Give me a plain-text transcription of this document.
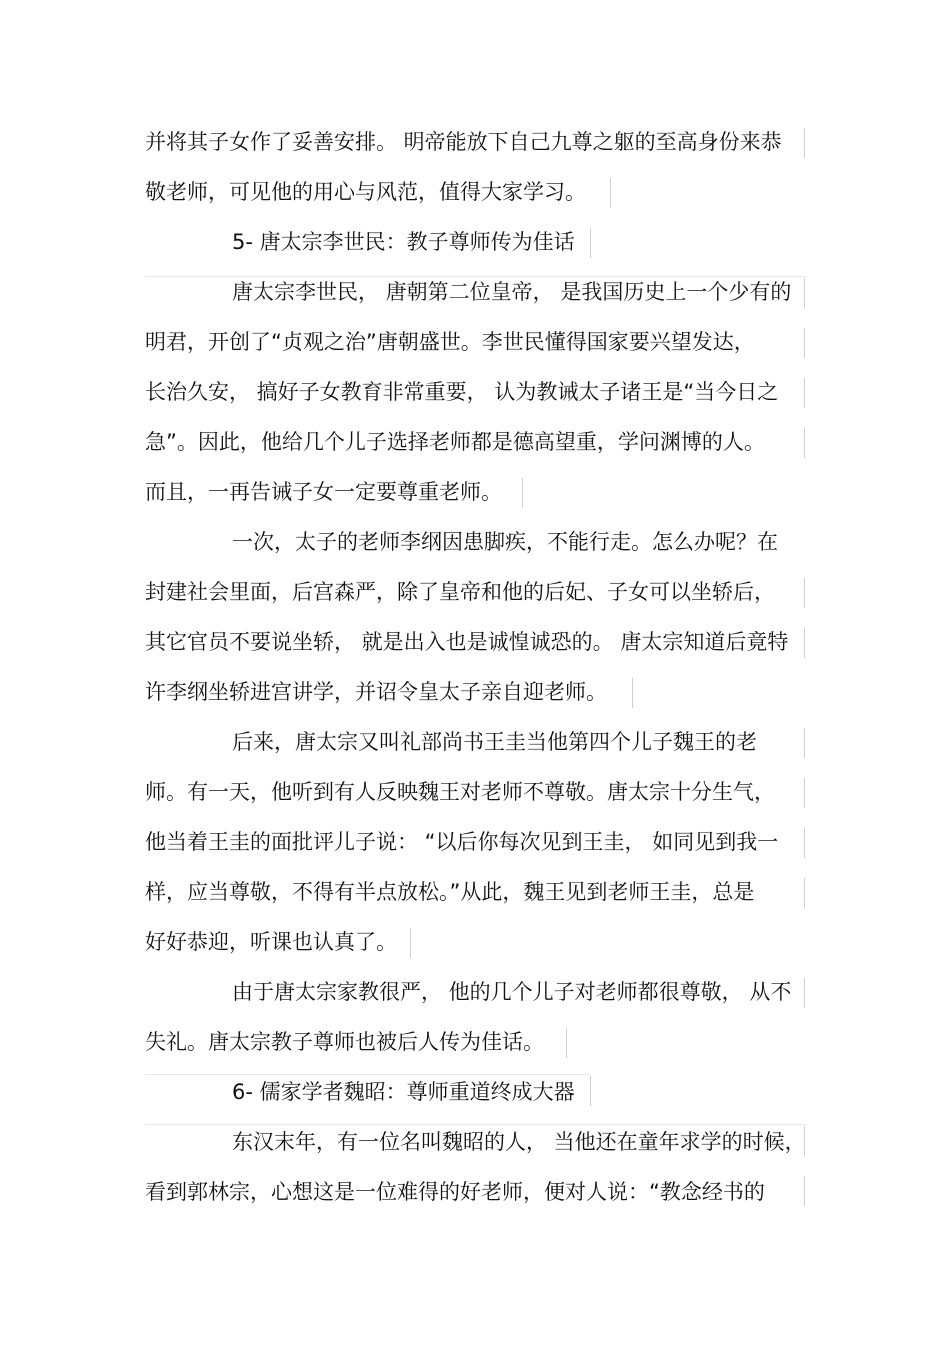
并将其子女作了妥善安排。 明帝能放下自己九尊之躯的至高身份来恭
敬老师，可见他的用心与风范，值得大家学习。
5- 唐太宗李世民：教子尊师传为佳话
唐太宗李世民， 唐朝第二位皇帝， 是我国历史上一个少有的
明君，开创了“贞观之治”唐朝盛世。李世民懂得国家要兴望发达，
长治久安， 搞好子女教育非常重要， 认为教诫太子诸王是“当今日之
急”。因此，他给几个儿子选择老师都是德高望重，学问渊博的人。
而且，一再告诫子女一定要尊重老师。
一次，太子的老师李纲因患脚疾，不能行走。怎么办呢？在
封建社会里面，后宫森严，除了皇帝和他的后妃、子女可以坐轿后，
其它官员不要说坐轿， 就是出入也是诚惶诚恐的。 唐太宗知道后竟特
许李纲坐轿进宫讲学，并诏令皇太子亲自迎老师。
后来，唐太宗又叫礼部尚书王圭当他第四个儿子魏王的老
师。有一天，他听到有人反映魏王对老师不尊敬。唐太宗十分生气，
他当着王圭的面批评儿子说： “以后你每次见到王圭， 如同见到我一
样，应当尊敬，不得有半点放松。”从此，魏王见到老师王圭，总是
好好恭迎，听课也认真了。
由于唐太宗家教很严， 他的几个儿子对老师都很尊敬， 从不
失礼。唐太宗教子尊师也被后人传为佳话。
6- 儒家学者魏昭：尊师重道终成大器
东汉末年，有一位名叫魏昭的人， 当他还在童年求学的时候，
看到郭林宗，心想这是一位难得的好老师，便对人说：“教念经书的
